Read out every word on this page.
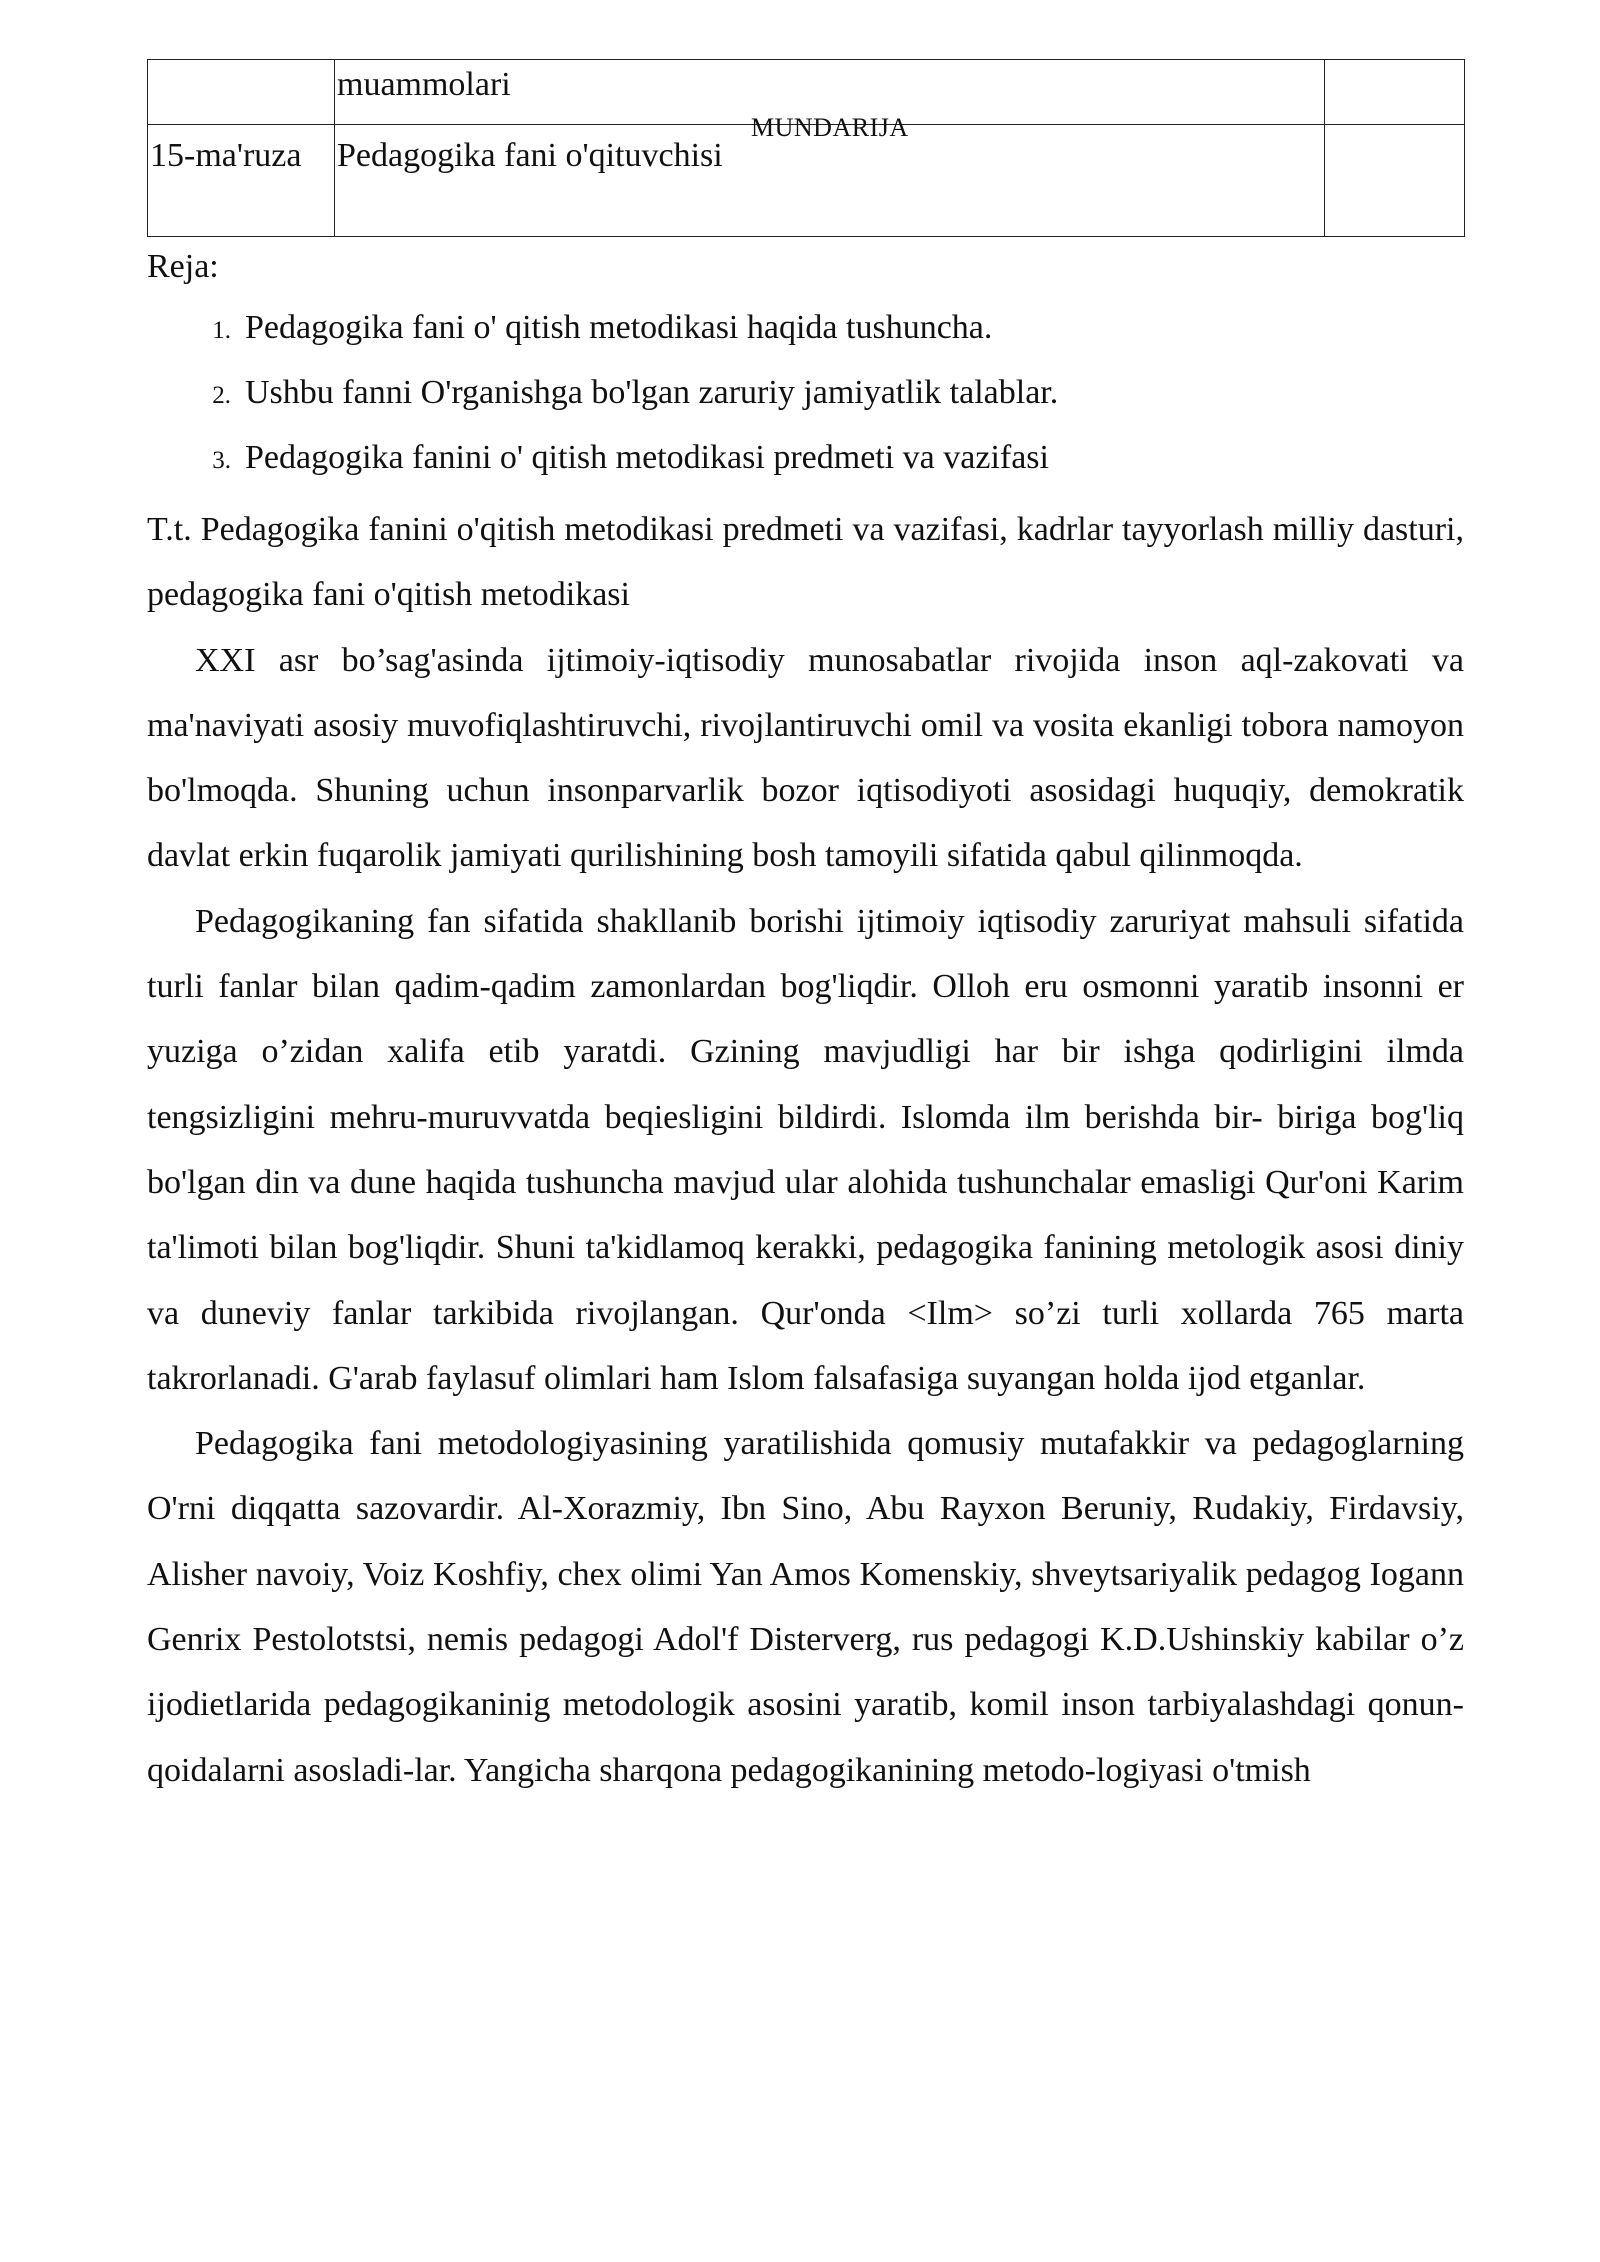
	muammolari	

15-ma'ruza	Pedagogika fani o'qituvchisi	

MUNDARIJA
Reja:
1. Pedagogika fani o' qitish metodikasi haqida tushuncha.
2. Ushbu fanni O'rganishga bo'lgan zaruriy jamiyatlik talablar.
3. Pedagogika fanini o' qitish metodikasi predmeti va vazifasi

T.t. Pedagogika fanini o'qitish metodikasi predmeti va vazifasi, kadrlar tayyorlash milliy dasturi, pedagogika fani o'qitish metodikasi

XXI asr bo’sag'asinda ijtimoiy-iqtisodiy munosabatlar rivojida inson aql-zakovati va ma'naviyati asosiy muvofiqlashtiruvchi, rivojlantiruvchi omil va vosita ekanligi tobora namoyon bo'lmoqda. Shuning uchun insonparvarlik bozor iqtisodiyoti asosidagi huquqiy, demokratik davlat erkin fuqarolik jamiyati qurilishining bosh tamoyili sifatida qabul qilinmoqda.

Pedagogikaning fan sifatida shakllanib borishi ijtimoiy iqtisodiy zaruriyat mahsuli sifatida turli fanlar bilan qadim-qadim zamonlardan bog'liqdir. Olloh eru osmonni yaratib insonni er yuziga o’zidan xalifa etib yaratdi. Gzining mavjudligi har bir ishga qodirligini ilmda tengsizligini mehru-muruvvatda beqiesligini bildirdi. Islomda ilm berishda bir- biriga bog'liq bo'lgan din va dune haqida tushuncha mavjud ular alohida tushunchalar emasligi Qur'oni Karim ta'limoti bilan bog'liqdir. Shuni ta'kidlamoq kerakki, pedagogika fanining metologik asosi diniy va duneviy fanlar tarkibida rivojlangan. Qur'onda <Ilm> so’zi turli xollarda 765 marta takrorlanadi. G'arab faylasuf olimlari ham Islom falsafasiga suyangan holda ijod etganlar.

Pedagogika fani metodologiyasining yaratilishida qomusiy mutafakkir va pedagoglarning O'rni diqqatta sazovardir. Al-Xorazmiy, Ibn Sino, Abu Rayxon Beruniy, Rudakiy, Firdavsiy, Alisher navoiy, Voiz Koshfiy, chex olimi Yan Amos Komenskiy, shveytsariyalik pedagog Iogann Genrix Pestolotstsi, nemis pedagogi Adol'f Disterverg, rus pedagogi K.D.Ushinskiy kabilar o’z ijodietlarida pedagogikaninig metodologik asosini yaratib, komil inson tarbiyalashdagi qonun-qoidalarni asosladi-lar. Yangicha sharqona pedagogikanining metodo-logiyasi o'tmish
